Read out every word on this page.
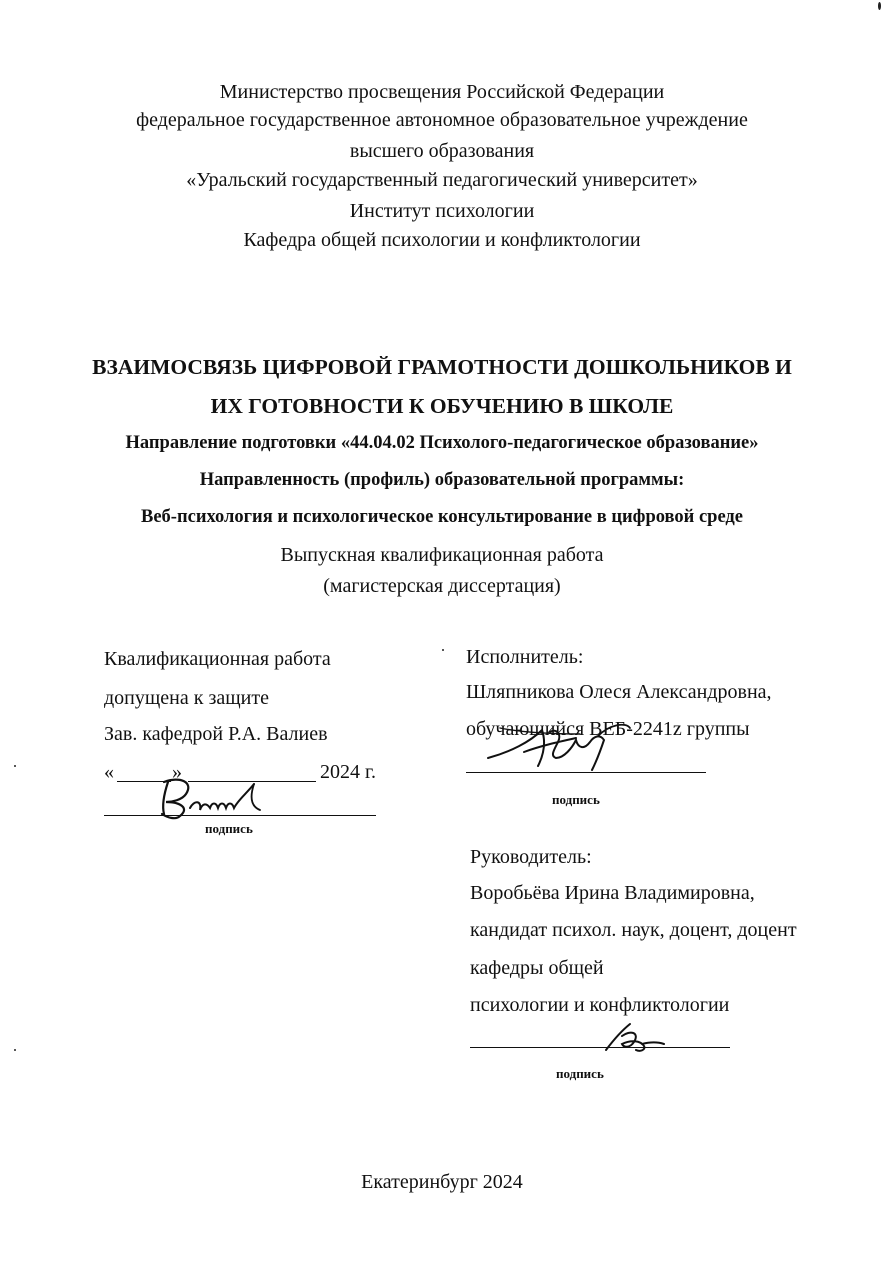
Министерство просвещения Российской Федерации
федеральное государственное автономное образовательное учреждение
высшего образования
«Уральский государственный педагогический университет»
Институт психологии
Кафедра общей психологии и конфликтологии
ВЗАИМОСВЯЗЬ ЦИФРОВОЙ ГРАМОТНОСТИ ДОШКОЛЬНИКОВ И
ИХ ГОТОВНОСТИ К ОБУЧЕНИЮ В ШКОЛЕ
Направление подготовки «44.04.02 Психолого-педагогическое образование»
Направленность (профиль) образовательной программы:
Веб-психология и психологическое консультирование в цифровой среде
Выпускная квалификационная работа
(магистерская диссертация)
Квалификационная работа
допущена к защите
Зав. кафедрой Р.А. Валиев
«	»	2024 г.
подпись
Исполнитель:
Шляпникова Олеся Александровна,
обучающийся ВЕБ-2241z группы
подпись
Руководитель:
Воробьёва Ирина Владимировна,
кандидат психол. наук, доцент, доцент
кафедры общей
психологии и конфликтологии
подпись
Екатеринбург 2024
